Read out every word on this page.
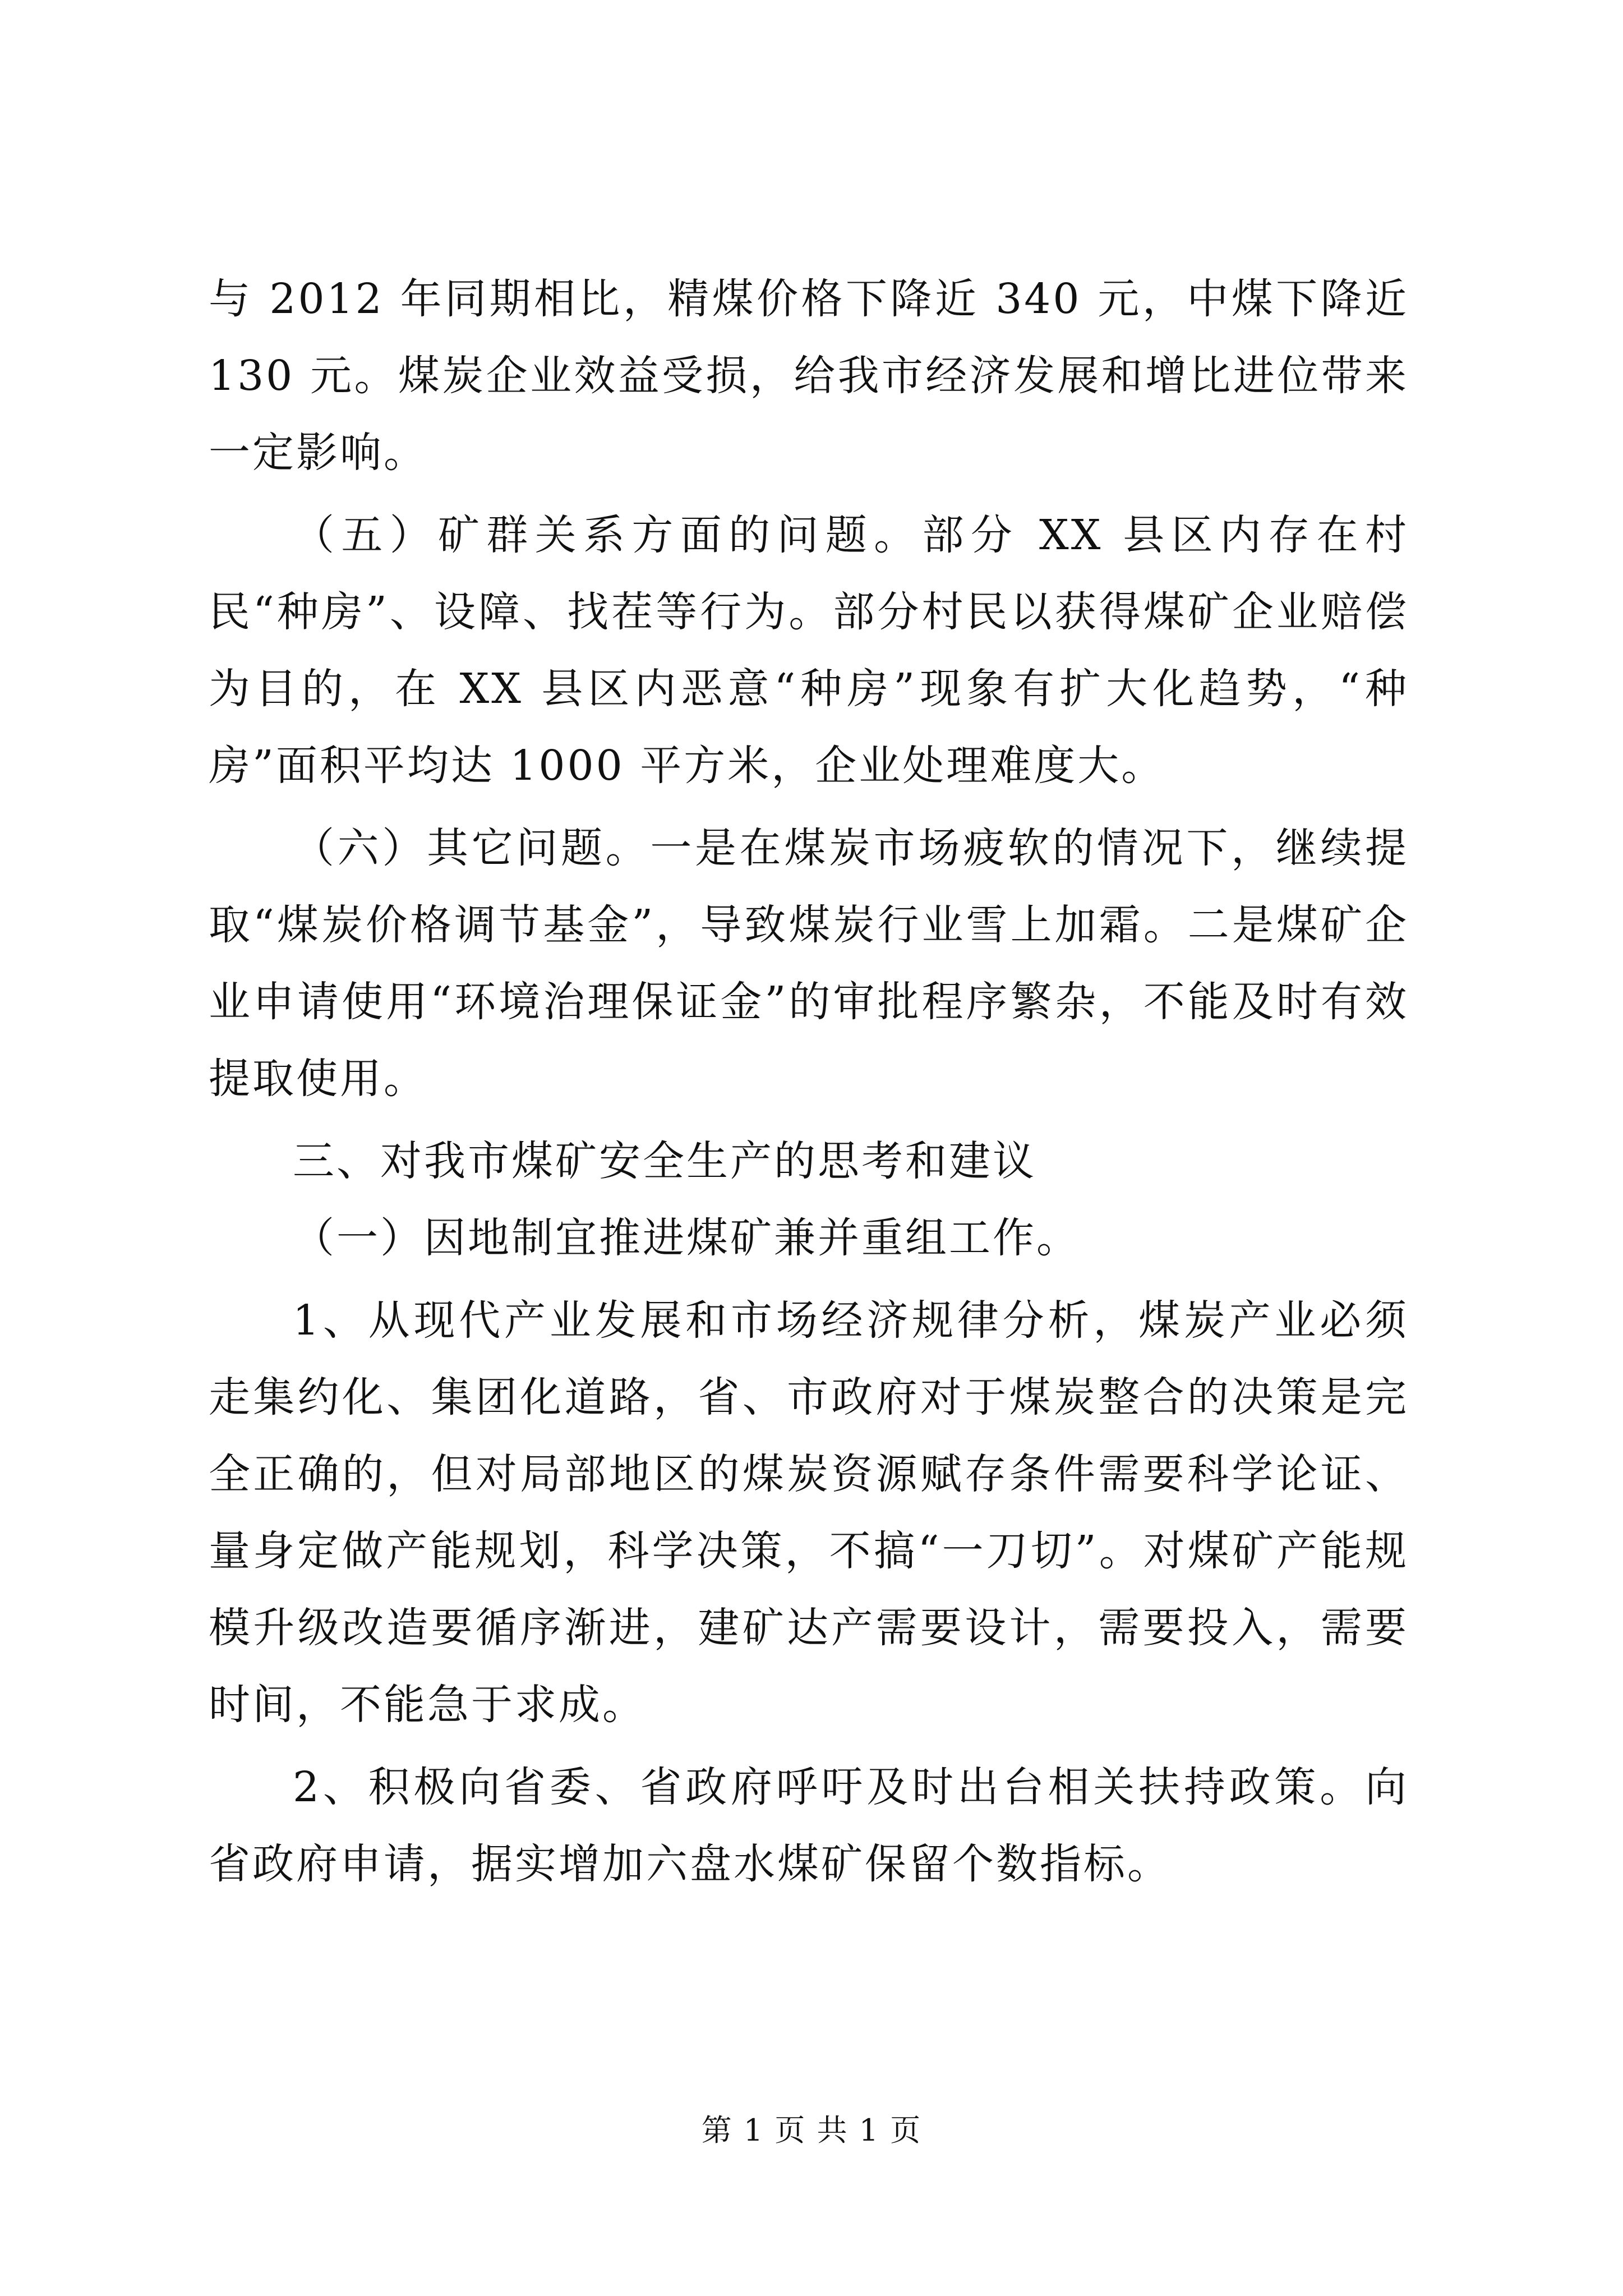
与 2012 年同期相比，精煤价格下降近 340 元，中煤下降近 130 元。煤炭企业效益受损，给我市经济发展和增比进位带来一定影响。

（五）矿群关系方面的问题。部分 XX 县区内存在村民“种房”、设障、找茬等行为。部分村民以获得煤矿企业赔偿为目的，在 XX 县区内恶意“种房”现象有扩大化趋势，“种房”面积平均达 1000 平方米，企业处理难度大。

（六）其它问题。一是在煤炭市场疲软的情况下，继续提取“煤炭价格调节基金”，导致煤炭行业雪上加霜。二是煤矿企业申请使用“环境治理保证金”的审批程序繁杂，不能及时有效提取使用。

三、对我市煤矿安全生产的思考和建议

（一）因地制宜推进煤矿兼并重组工作。

1、从现代产业发展和市场经济规律分析，煤炭产业必须走集约化、集团化道路，省、市政府对于煤炭整合的决策是完全正确的，但对局部地区的煤炭资源赋存条件需要科学论证、量身定做产能规划，科学决策，不搞“一刀切”。对煤矿产能规模升级改造要循序渐进，建矿达产需要设计，需要投入，需要时间，不能急于求成。

2、积极向省委、省政府呼吁及时出台相关扶持政策。向省政府申请，据实增加六盘水煤矿保留个数指标。

第 1 页 共 1 页
